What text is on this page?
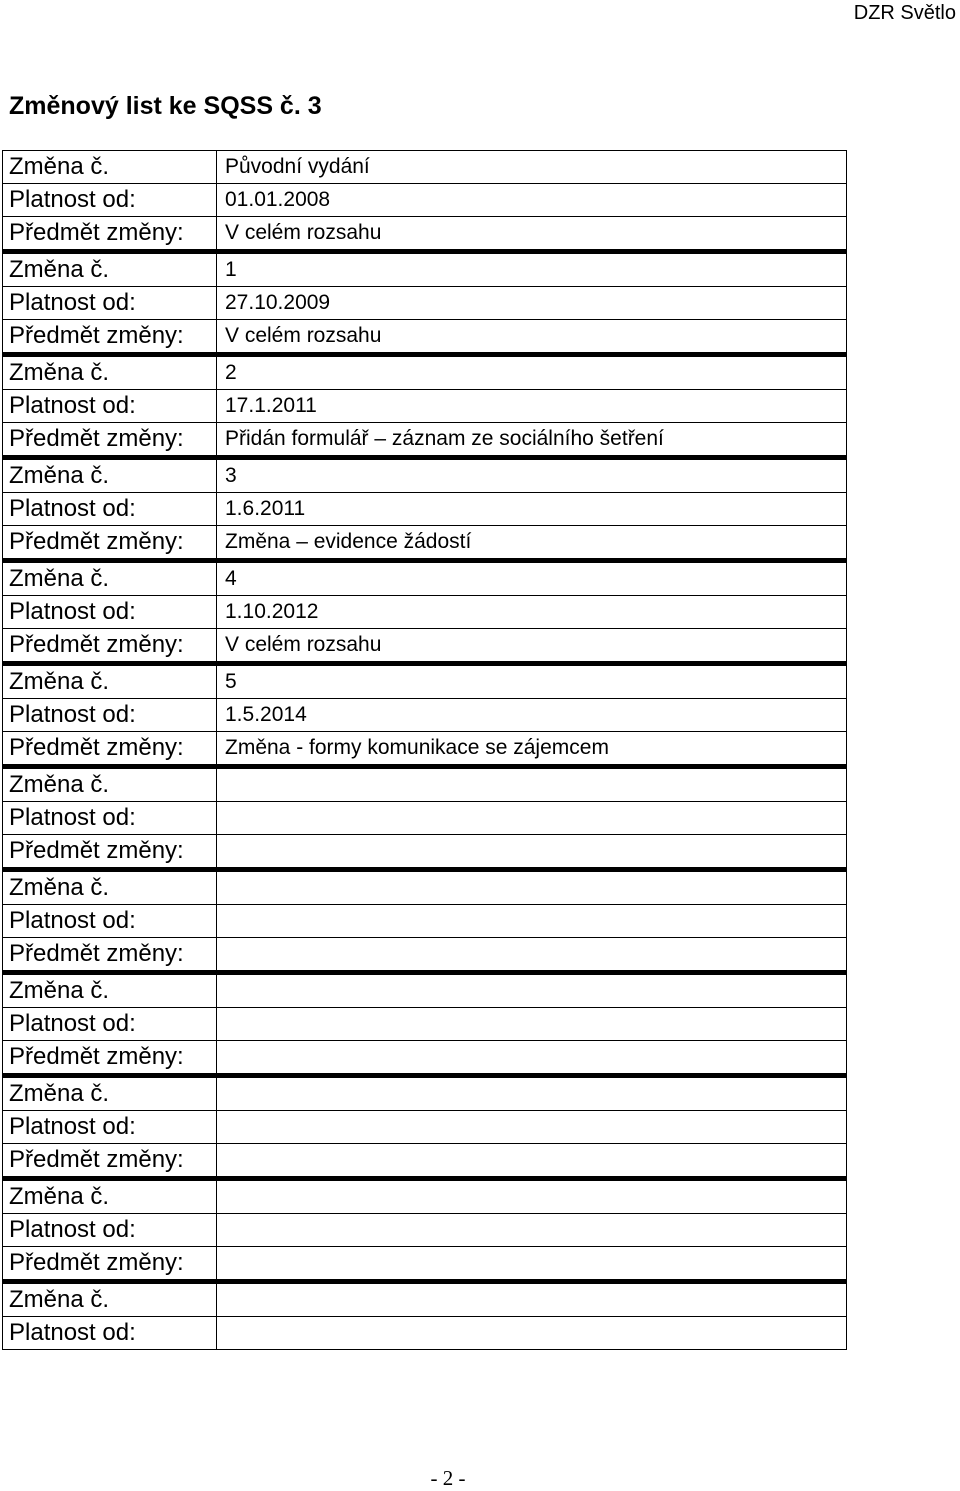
DZR Světlo
Změnový list ke SQSS č. 3
Změna č.	Původní vydání
Platnost od:	01.01.2008
Předmět změny:	V celém rozsahu

Změna č.	1
Platnost od:	27.10.2009
Předmět změny:	V celém rozsahu

Změna č.	2
Platnost od:	17.1.2011
Předmět změny:	Přidán formulář – záznam ze sociálního šetření

Změna č.	3
Platnost od:	1.6.2011
Předmět změny:	Změna – evidence žádostí

Změna č.	4
Platnost od:	1.10.2012
Předmět změny:	V celém rozsahu

Změna č.	5
Platnost od:	1.5.2014
Předmět změny:	Změna - formy komunikace se zájemcem

Změna č.	
Platnost od:	
Předmět změny:	

Změna č.	
Platnost od:	
Předmět změny:	

Změna č.	
Platnost od:	
Předmět změny:	

Změna č.	
Platnost od:	
Předmět změny:	

Změna č.	
Platnost od:	
Předmět změny:	

Změna č.	
Platnost od:	
- 2 -
